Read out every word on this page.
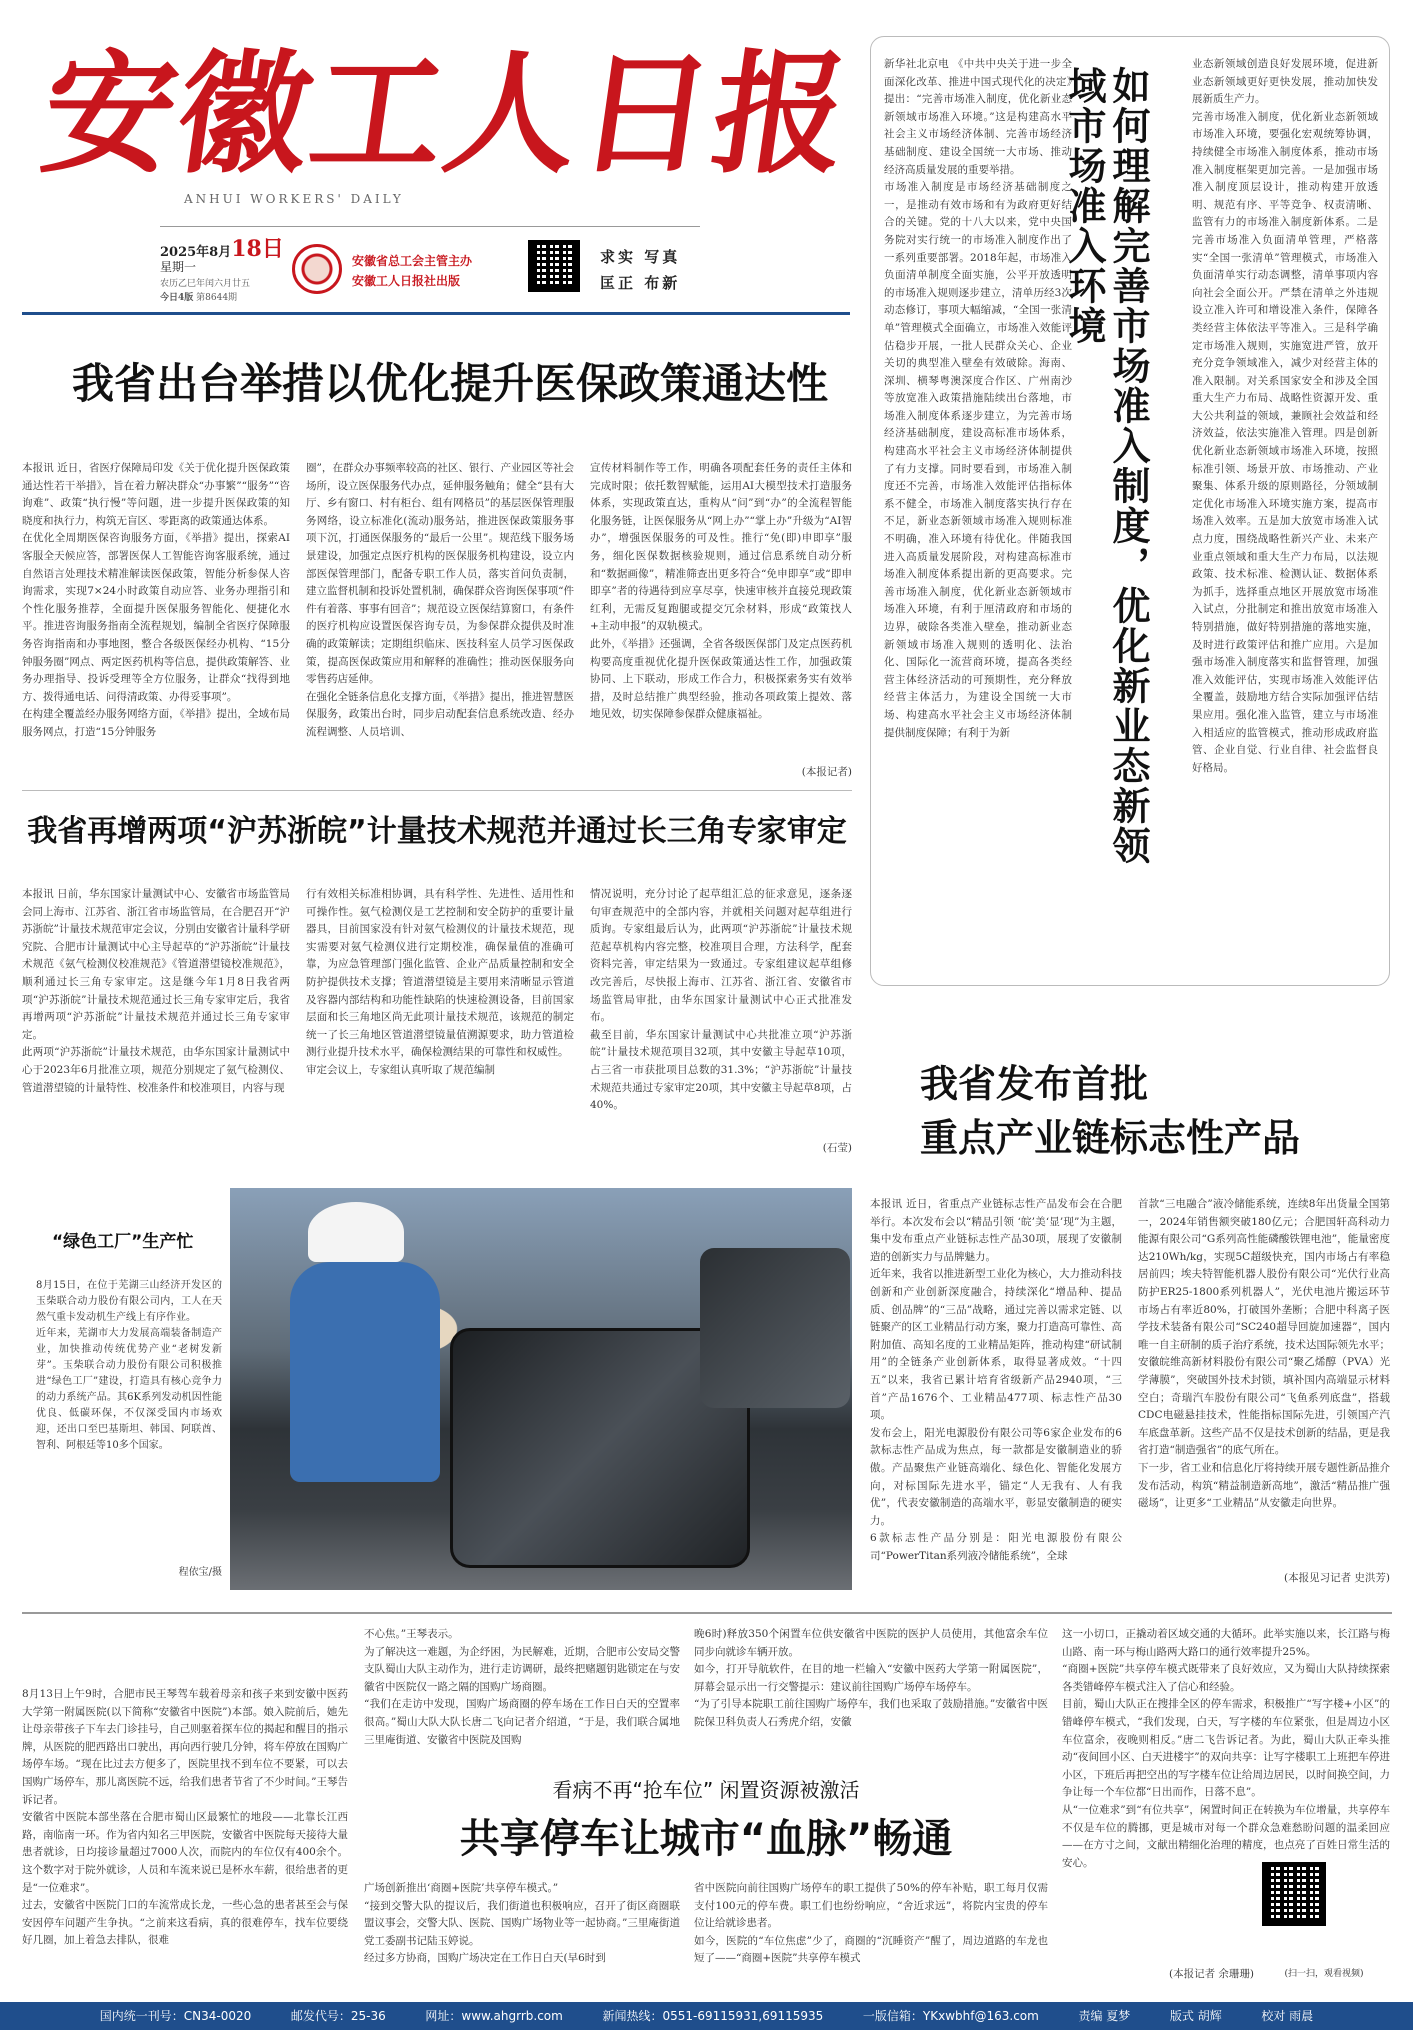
安徽工人日报
ANHUI WORKERS' DAILY
2025年8月18日
星期一
农历乙巳年闰六月廿五
今日4版 第8644期
安徽省总工会主管主办
安徽工人日报社出版
求实 写真
匡正 布新
我省出台举措以优化提升医保政策通达性
本报讯 近日，省医疗保障局印发《关于优化提升医保政策通达性若干举措》，旨在着力解决群众“办事繁”“服务”“咨询难”、政策“执行慢”等问题，进一步提升医保政策的知晓度和执行力，构筑无盲区、零距离的政策通达体系。
在优化全周期医保咨询服务方面，《举措》提出，探索AI客服全天候应答，部署医保人工智能咨询客服系统，通过自然语言处理技术精准解读医保政策，智能分析参保人咨询需求，实现7×24小时政策自动应答、业务办理指引和个性化服务推荐，全面提升医保服务智能化、便捷化水平。推进咨询服务指南全流程规划，编制全省医疗保障服务咨询指南和办事地图，整合各级医保经办机构、“15分钟服务圈”网点、两定医药机构等信息，提供政策解答、业务办理指导、投诉受理等全方位服务，让群众“找得到地方、拨得通电话、问得清政策、办得妥事项”。
在构建全覆盖经办服务网络方面，《举措》提出，全域布局服务网点，打造“15分钟服务
圈”，在群众办事频率较高的社区、银行、产业园区等社会场所，设立医保服务代办点，延伸服务触角；健全“县有大厅、乡有窗口、村有柜台、组有网格员”的基层医保管理服务网络，设立标准化(流动)服务站，推进医保政策服务事项下沉，打通医保服务的“最后一公里”。规范线下服务场景建设，加强定点医疗机构的医保服务机构建设，设立内部医保管理部门，配备专职工作人员，落实首问负责制，建立监督机制和投诉处置机制，确保群众咨询医保事项“件件有着落、事事有回音”；规范设立医保结算窗口，有条件的医疗机构应设置医保咨询专员，为参保群众提供及时准确的政策解读；定期组织临床、医技科室人员学习医保政策，提高医保政策应用和解释的准确性；推动医保服务向零售药店延伸。
在强化全链条信息化支撑方面，《举措》提出，推进智慧医保服务，政策出台时，同步启动配套信息系统改造、经办流程调整、人员培训、
宣传材料制作等工作，明确各项配套任务的责任主体和完成时限；依托数智赋能，运用AI大模型技术打造服务体系，实现政策直达，重构从“问”到“办”的全流程智能化服务链，让医保服务从“网上办”“掌上办”升级为“AI智办”，增强医保服务的可及性。推行“免(即)申即享”服务，细化医保数据核验规则，通过信息系统自动分析和“数据画像”，精准筛查出更多符合“免申即享”或“即申即享”者的待遇待到应享尽享，快速审核并直接兑现政策红利，无需反复跑腿或提交冗余材料，形成“政策找人+主动申报”的双轨模式。
此外，《举措》还强调，全省各级医保部门及定点医药机构要高度重视优化提升医保政策通达性工作，加强政策协同、上下联动，形成工作合力，积极探索务实有效举措，及时总结推广典型经验，推动各项政策上提效、落地见效，切实保障参保群众健康福祉。
(本报记者)
我省再增两项“沪苏浙皖”计量技术规范并通过长三角专家审定
本报讯 日前，华东国家计量测试中心、安徽省市场监管局会同上海市、江苏省、浙江省市场监管局，在合肥召开“沪苏浙皖”计量技术规范审定会议，分别由安徽省计量科学研究院、合肥市计量测试中心主导起草的“沪苏浙皖”计量技术规范《氨气检测仪校准规范》《管道潜望镜校准规范》，顺利通过长三角专家审定。这是继今年1月8日我省两项“沪苏浙皖”计量技术规范通过长三角专家审定后，我省再增两项“沪苏浙皖”计量技术规范并通过长三角专家审定。
此两项“沪苏浙皖”计量技术规范，由华东国家计量测试中心于2023年6月批准立项，规范分别规定了氨气检测仪、管道潜望镜的计量特性、校准条件和校准项目，内容与现
行有效相关标准相协调，具有科学性、先进性、适用性和可操作性。氨气检测仪是工艺控制和安全防护的重要计量器具，目前国家没有针对氨气检测仪的计量技术规范，现实需要对氨气检测仪进行定期校准，确保量值的准确可靠，为应急管理部门强化监管、企业产品质量控制和安全防护提供技术支撑；管道潜望镜是主要用来清晰显示管道及容器内部结构和功能性缺陷的快速检测设备，目前国家层面和长三角地区尚无此项计量技术规范，该规范的制定统一了长三角地区管道潜望镜量值溯源要求，助力管道检测行业提升技术水平，确保检测结果的可靠性和权威性。
审定会议上，专家组认真听取了规范编制
情况说明，充分讨论了起草组汇总的征求意见，逐条逐句审查规范中的全部内容，并就相关问题对起草组进行质询。专家组最后认为，此两项“沪苏浙皖”计量技术规范起草机构内容完整，校准项目合理，方法科学，配套资料完善，审定结果为一致通过。专家组建议起草组修改完善后，尽快报上海市、江苏省、浙江省、安徽省市场监管局审批，由华东国家计量测试中心正式批准发布。
截至目前，华东国家计量测试中心共批准立项“沪苏浙皖”计量技术规范项目32项，其中安徽主导起草10项，占三省一市获批项目总数的31.3%；“沪苏浙皖”计量技术规范共通过专家审定20项，其中安徽主导起草8项，占40%。
(石莹)
新华社北京电 《中共中央关于进一步全面深化改革、推进中国式现代化的决定》提出：“完善市场准入制度，优化新业态新领域市场准入环境。”这是构建高水平社会主义市场经济体制、完善市场经济基础制度、建设全国统一大市场、推动经济高质量发展的重要举措。
市场准入制度是市场经济基础制度之一，是推动有效市场和有为政府更好结合的关键。党的十八大以来，党中央国务院对实行统一的市场准入制度作出了一系列重要部署。2018年起，市场准入负面清单制度全面实施，公平开放透明的市场准入规则逐步建立，清单历经3次动态修订，事项大幅缩减，“全国一张清单”管理模式全面确立，市场准入效能评估稳步开展，一批人民群众关心、企业关切的典型准入壁垒有效破除。海南、深圳、横琴粤澳深度合作区、广州南沙等放宽准入政策措施陆续出台落地，市场准入制度体系逐步建立，为完善市场经济基础制度，建设高标准市场体系，构建高水平社会主义市场经济体制提供了有力支撑。同时要看到，市场准入制度还不完善，市场准入效能评估指标体系不健全，市场准入制度落实执行存在不足，新业态新领域市场准入规则标准不明确，准入环境有待优化。伴随我国进入高质量发展阶段，对构建高标准市场准入制度体系提出新的更高要求。完善市场准入制度，优化新业态新领域市场准入环境，有利于厘清政府和市场的边界，破除各类准入壁垒，推动新业态新领域市场准入规则的透明化、法治化、国际化一流营商环境，提高各类经营主体经济活动的可预期性，充分释放经营主体活力，为建设全国统一大市场、构建高水平社会主义市场经济体制提供制度保障；有利于为新	如何理解完善市场准入制度，优化新业态新领域市场准入环境
业态新领域创造良好发展环境，促进新业态新领域更好更快发展，推动加快发展新质生产力。
完善市场准入制度，优化新业态新领域市场准入环境，要强化宏观统筹协调，持续健全市场准入制度体系，推动市场准入制度框架更加完善。一是加强市场准入制度顶层设计，推动构建开放透明、规范有序、平等竞争、权责清晰、监管有力的市场准入制度新体系。二是完善市场准入负面清单管理，严格落实“全国一张清单”管理模式，市场准入负面清单实行动态调整，清单事项内容向社会全面公开。严禁在清单之外违规设立准入许可和增设准入条件，保障各类经营主体依法平等准入。三是科学确定市场准入规则，实施宽进严管，放开充分竞争领域准入，减少对经营主体的准入限制。对关系国家安全和涉及全国重大生产力布局、战略性资源开发、重大公共利益的领域，兼顾社会效益和经济效益，依法实施准入管理。四是创新优化新业态新领域市场准入环境，按照标准引领、场景开放、市场推动、产业聚集、体系升级的原则路径，分领域制定优化市场准入环境实施方案，提高市场准入效率。五是加大放宽市场准入试点力度，围绕战略性新兴产业、未来产业重点领域和重大生产力布局，以法规政策、技术标准、检测认证、数据体系为抓手，选择重点地区开展放宽市场准入试点，分批制定和推出放宽市场准入特别措施，做好特别措施的落地实施，及时进行政策评估和推广应用。六是加强市场准入制度落实和监督管理，加强准入效能评估，实现市场准入效能评估全覆盖，鼓励地方结合实际加强评估结果应用。强化准入监管，建立与市场准入相适应的监管模式，推动形成政府监管、企业自觉、行业自律、社会监督良好格局。
我省发布首批
重点产业链标志性产品
本报讯 近日，省重点产业链标志性产品发布会在合肥举行。本次发布会以“精品引领 ‘皖’美‘显’现”为主题，集中发布重点产业链标志性产品30项，展现了安徽制造的创新实力与品牌魅力。
近年来，我省以推进新型工业化为核心，大力推动科技创新和产业创新深度融合，持续深化“增品种、提品质、创品牌”的“三品”战略，通过完善以需求定链、以链聚产的区工业精品行动方案，聚力打造高可靠性、高附加值、高知名度的工业精品矩阵，推动构建“研试制用”的全链条产业创新体系，取得显著成效。“十四五”以来，我省已累计培育省级新产品2940项，“三首”产品1676个、工业精品477项、标志性产品30项。
发布会上，阳光电源股份有限公司等6家企业发布的6款标志性产品成为焦点，每一款都是安徽制造业的骄傲。产品聚焦产业链高端化、绿色化、智能化发展方向，对标国际先进水平，锚定“人无我有、人有我优”，代表安徽制造的高端水平，彰显安徽制造的硬实力。
6款标志性产品分别是：阳光电源股份有限公司“PowerTitan系列液冷储能系统”，全球
首款“三电融合”液冷储能系统，连续8年出货量全国第一，2024年销售额突破180亿元；合肥国轩高科动力能源有限公司“G系列高性能磷酸铁锂电池”，能量密度达210Wh/kg，实现5C超级快充，国内市场占有率稳居前四；埃夫特智能机器人股份有限公司“光伏行业高防护ER25-1800系列机器人”，光伏电池片搬运环节市场占有率近80%，打破国外垄断；合肥中科离子医学技术装备有限公司“SC240超导回旋加速器”，国内唯一自主研制的质子治疗系统，技术达国际领先水平；安徽皖维高新材料股份有限公司“聚乙烯醇（PVA）光学薄膜”，突破国外技术封锁，填补国内高端显示材料空白；奇瑞汽车股份有限公司“飞鱼系列底盘”，搭载CDC电磁悬挂技术，性能指标国际先进，引领国产汽车底盘革新。这些产品不仅是技术创新的结晶，更是我省打造“制造强省”的底气所在。
下一步，省工业和信息化厅将持续开展专题性新品推介发布活动，构筑“精益制造新高地”，激活“精品推广强磁场”，让更多“工业精品”从安徽走向世界。
(本报见习记者 史洪芳)
“绿色工厂”生产忙
8月15日，在位于芜湖三山经济开发区的玉柴联合动力股份有限公司内，工人在天然气重卡发动机生产线上有序作业。
近年来，芜湖市大力发展高端装备制造产业，加快推动传统优势产业“老树发新芽”。玉柴联合动力股份有限公司积极推进“绿色工厂”建设，打造具有核心竞争力的动力系统产品。其6K系列发动机因性能优良、低碳环保，不仅深受国内市场欢迎，还出口至巴基斯坦、韩国、阿联酋、智利、阿根廷等10多个国家。
程依宝/摄
8月13日上午9时，合肥市民王琴驾车载着母亲和孩子来到安徽中医药大学第一附属医院(以下简称“安徽省中医院”)本部。娘入院前后，她先让母亲带孩子下车去门诊挂号，自己则驱着探车位的揭起和醒目的指示牌，从医院的肥西路出口驶出，再向西行驶几分钟，将车停放在国购广场停车场。“现在比过去方便多了，医院里找不到车位不要紧，可以去国购广场停车，那儿离医院不远，给我们患者节省了不少时间。”王琴告诉记者。
安徽省中医院本部坐落在合肥市蜀山区最繁忙的地段——北靠长江西路，南临南一环。作为省内知名三甲医院，安徽省中医院每天接待大量患者就诊，日均接诊量超过7000人次，而院内的车位仅有400余个。这个数字对于院外就诊，人员和车流来说已是杯水车薪，很给患者的更是“一位难求”。
过去，安徽省中医院门口的车流常成长龙，一些心急的患者甚至会与保安因停车问题产生争执。“之前来这看病，真的很难停车，找车位要绕好几圈，加上着急去排队，很难
不心焦。”王琴表示。
为了解决这一难题，为企纾困，为民解难，近期，合肥市公安局交警支队蜀山大队主动作为，进行走访调研，最终把赌题钥匙锁定在与安徽省中医院仅一路之隔的国购广场商圈。
“我们在走访中发现，国购广场商圈的停车场在工作日白天的空置率很高。”蜀山大队大队长唐二飞向记者介绍道，“于是，我们联合属地三里庵街道、安徽省中医院及国购
晚6时)释放350个闲置车位供安徽省中医院的医护人员使用，其他富余车位同步向就诊车辆开放。
如今，打开导航软件，在目的地一栏输入“安徽中医药大学第一附属医院”，屏幕会显示出一行交警提示：建议前往国购广场停车场停车。
“为了引导本院职工前往国购广场停车，我们也采取了鼓励措施。”安徽省中医院保卫科负责人石秀虎介绍，安徽
看病不再“抢车位” 闲置资源被激活
共享停车让城市“血脉”畅通
广场创新推出‘商圈+医院’共享停车模式。”
“接到交警大队的提议后，我们街道也积极响应，召开了街区商圈联盟议事会，交警大队、医院、国购广场物业等一起协商。”三里庵街道党工委副书记陆玉婷说。
经过多方协商，国购广场决定在工作日白天(早6时到
省中医院向前往国购广场停车的职工提供了50%的停车补贴，职工每月仅需支付100元的停车费。职工们也纷纷响应，“舍近求远”，将院内宝贵的停车位让给就诊患者。
如今，医院的“车位焦虑”少了，商圈的“沉睡资产”醒了，周边道路的车龙也短了——“商圈+医院”共享停车模式
这一小切口，正撬动着区域交通的大循环。此举实施以来，长江路与梅山路、南一环与梅山路两大路口的通行效率提升25%。
“商圈+医院”共享停车模式既带来了良好效应，又为蜀山大队持续探索各类错峰停车模式注入了信心和经验。
目前，蜀山大队正在搜排全区的停车需求，积极推广“写字楼+小区”的错峰停车模式，“我们发现，白天，写字楼的车位紧张，但是周边小区车位富余，夜晚则相反。”唐二飞告诉记者。为此，蜀山大队正牵头推动“夜间回小区、白天进楼宇”的双向共享：让写字楼职工上班把车停进小区，下班后再把空出的写字楼车位让给周边居民，以时间换空间，力争让每一个车位都“日出而作，日落不息”。
从“一位难求”到“有位共享”，闲置时间正在转换为车位增量，共享停车不仅是车位的腾挪，更是城市对每一个群众急难愁盼问题的温柔回应——在方寸之间，文献出精细化治理的精度，也点亮了百姓日常生活的安心。
(本报记者 余珊珊)	(扫一扫，观看视频)
国内统一刊号：CN34-0020	邮发代号：25-36	网址：www.ahgrrb.com	新闻热线：0551-69115931,69115935	一版信箱：YKxwbhf@163.com	责编 夏梦	版式 胡辉	校对 雨晨
